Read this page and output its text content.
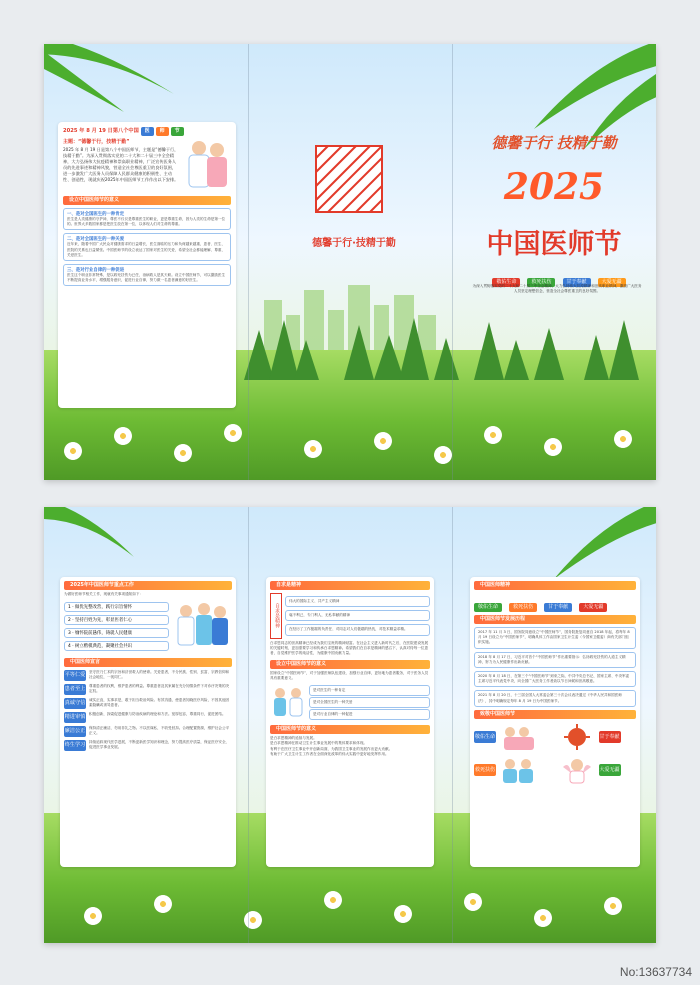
2025 年 8 月 19 日第八个中国 医 师 节
主题：“德馨于行，技精于勤”
2025 年 8 月 19 日是第八个中国医师节，主题是“德馨于行，技精于勤”。为深入贯彻落实党的二十大和二十届三中全会精神，大力弘扬伟大抗疫精神和崇高职业精神，广泛宣传医务人员的先进事迹和精神风貌，营造全社会尊医重卫的良好氛围，进一步激发广大医务人员保障人民群众健康的积极性、主动性、创造性，现就庆祝2025年中国医师节工作作出以下安排。
设立中国医师节的意义
一、是对全国医生的一种肯定
医生是人类健康的守护神，尊医不仅仅是尊重医生的职业，更是尊重生命，因为人类的生命是第一位的。世界大多数国家都是把医生放在第一位，以体现人们对生命的尊重。
二、是对全国医生的一种关爱
近年来，随着中国广大民众对健康需求的日益增长，医生面临的压力和负荷越来越重，患者、医生、医院的关系也日益紧张。中国医师节的设立表达了国家对医生的关爱，希望全社会都能理解、尊重、关爱医生。
三、是对行业自律的一种促进
医生这个职业非常特殊，是以救死扶伤为已任，治病救人是其天职。设立中国医师节，可以激励医生不断提高业务水平，增强服务意识，促进行业自律，努力做一名患者满意的好医生。
德馨于行·技精于勤
德馨于行 技精于勤
2025
中国医师节
敬佑生命	救死扶伤	甘于奉献	大爱无疆
为深入贯彻落实党的二十大和二十届三中全会精神，大力弘扬伟大抗疫精神和崇高职业精神，激励广大医务人员坚定理想信念，营造全社会尊医重卫的良好氛围。
2025年中国医师节重点工作
为做好医师节相关工作，现就有关事项通知如下：
1 · 做优先整改营，践行宗旨情怀
2 · 坚持百姓为先，彰显医者仁心
3 · 缅怀院前悬伟，铸就人民健康
4 · 树立楷模典范，凝聚社会共识
中国医师宣言
平等仁爱 坚守医乃仁术的宗旨和济世救人的使命。关爱患者，不分民族、性别、贫富、宗教信仰和社会地位，一视同仁。
患者至上 尊重患者的权利，维护患者的利益。尊重患者及其家属在充分知情条件下对诊疗决策的决定权。
真诚守信 诚实正直，实事求是，敢于担当救治风险。有效沟通，使患者知晓医疗风险，不因其他因素隐瞒或诱导患者。
精进审慎 积极创新，探索促进健康与防治疾病的理论和方法。宽厚包容，尊重同行，促进团结。
廉洁公正 保持清正廉洁，勿用非礼之物。不以医谋私，不收受回扣。合理配置资源，维护社会公平正义。
终生学习 持续追踪现代医学进展，不断更新医学知识和理念，努力提高医疗质量，保证医疗安全，促进医学事业发展。
自求是精神
自求是精神
伟大的国际主义、共产主义精神
毫不利己，专门利人，无私奉献的精神
在经历了工作极端的负责任、对同志对人们极端的热忱，对技术精益求精。
白求恩同志的崇高精神已经成为我们宝贵的精神财富。在社会主义进入新时代之后，在医院建设发展的关键时刻，更加需要学习和传承白求恩精神。希望我们在自求是精神的感召下，认真对待每一位患者，自觉维护医学的纯洁性，为健康中国贡献力量。
设立中国医师节的意义
国家设立“中国医师节”，对于加强医师队伍建设、加强行业自律，更好地为患者服务，对于医务人员具有重要意义。
是对医生的一种肯定
是对全国医生的一种关爱
是对行业自律的一种促进
中国医师节的意义
是白求恩精神的延续与发展。
是白求恩精神在推动卫生计生事业发展中的集体要求和体现。
有利于在医疗卫生事业中开创新局面，为我国卫生事业的发展作出更大贡献。
有助于广大卫生计生工作者在全面深化改革的伟大实践中更好地发挥作用。
中国医师精神
敬佑生命	救死扶伤	甘于奉献	大爱无疆
中国医师节发展历程
2017 年 11 月 3 日，国务院同意设立“中国医师节”，国务院批复同意自 2018 年起，将每年 8 月 19 日设立为“中国医师节”，明确具体工作由国家卫生计生委（今国家卫健委）商有关部门组织实施。
2018 年 8 月 17 日，习近平对首个“中国医师节”作出重要指示：弘扬救死扶伤的人道主义精神，努力为人民健康作出新贡献。
2020 年 8 月 18 日，在第三个“中国医师节”到来之际，中共中央总书记、国家主席、中央军委主席习近平代表党中央，向全国广大医务工作者致以节日问候和崇高敬意。
2021 年 8 月 20 日，十三届全国人大常委会第三十次会议表决通过《中华人民共和国医师法》，其中明确规定每年 8 月 19 日为中国医师节。
致敬中国医师节
敬佑生命	甘于奉献
救死扶伤	大爱无疆
No:13637734
